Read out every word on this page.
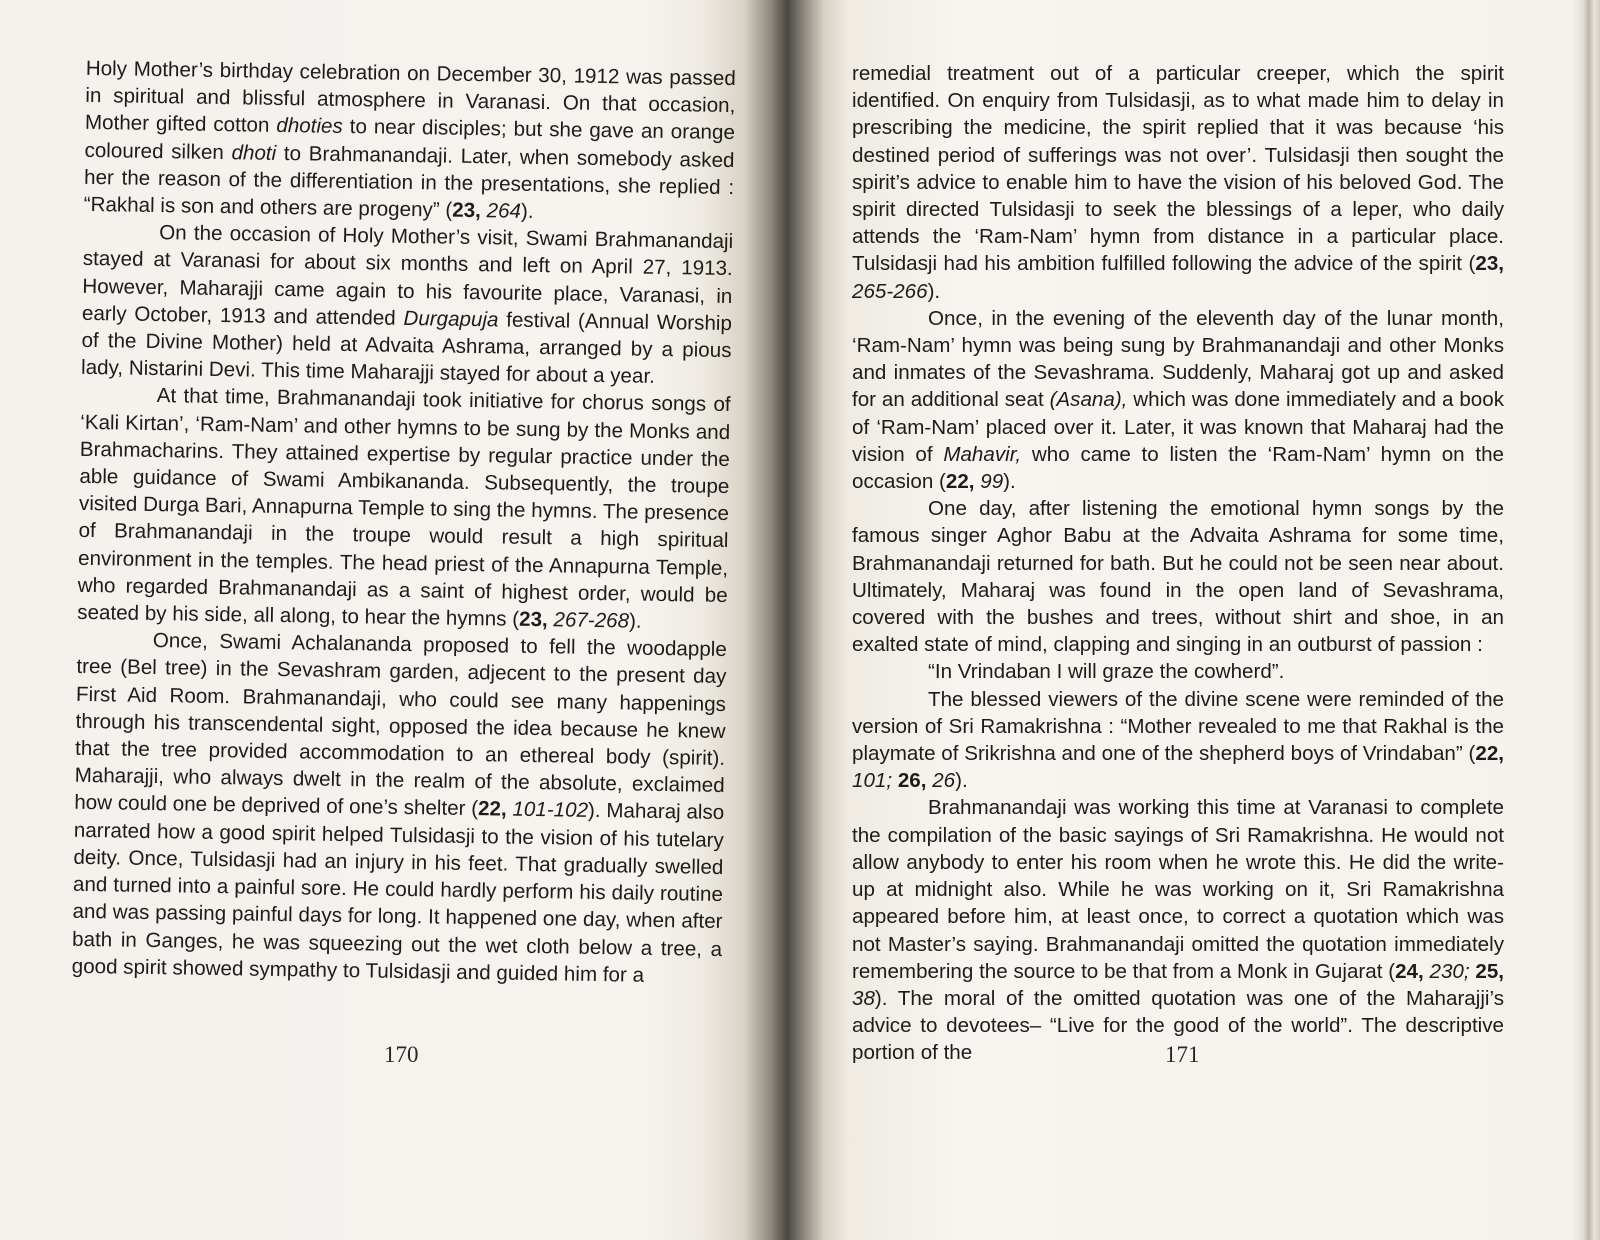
Holy Mother’s birthday celebration on December 30, 1912 was passed in spiritual and blissful atmosphere in Varanasi. On that occasion, Mother gifted cotton dhoties to near disciples; but she gave an orange coloured silken dhoti to Brahmanandaji. Later, when somebody asked her the reason of the differentiation in the presentations, she replied : “Rakhal is son and others are progeny” (23, 264).

On the occasion of Holy Mother’s visit, Swami Brahmanandaji stayed at Varanasi for about six months and left on April 27, 1913. However, Maharajji came again to his favourite place, Varanasi, in early October, 1913 and attended Durgapuja festival (Annual Worship of the Divine Mother) held at Advaita Ashrama, arranged by a pious lady, Nistarini Devi. This time Maharajji stayed for about a year.

At that time, Brahmanandaji took initiative for chorus songs of ‘Kali Kirtan’, ‘Ram-Nam’ and other hymns to be sung by the Monks and Brahmacharins. They attained expertise by regular practice under the able guidance of Swami Ambikananda. Subsequently, the troupe visited Durga Bari, Annapurna Temple to sing the hymns. The presence of Brahmanandaji in the troupe would result a high spiritual environment in the temples. The head priest of the Annapurna Temple, who regarded Brahmanandaji as a saint of highest order, would be seated by his side, all along, to hear the hymns (23, 267-268).

Once, Swami Achalananda proposed to fell the woodapple tree (Bel tree) in the Sevashram garden, adjecent to the present day First Aid Room. Brahmanandaji, who could see many happenings through his transcendental sight, opposed the idea because he knew that the tree provided accommodation to an ethereal body (spirit). Maharajji, who always dwelt in the realm of the absolute, exclaimed how could one be deprived of one’s shelter (22, 101-102). Maharaj also narrated how a good spirit helped Tulsidasji to the vision of his tutelary deity. Once, Tulsidasji had an injury in his feet. That gradually swelled and turned into a painful sore. He could hardly perform his daily routine and was passing painful days for long. It happened one day, when after bath in Ganges, he was squeezing out the wet cloth below a tree, a good spirit showed sympathy to Tulsidasji and guided him for a

170

remedial treatment out of a particular creeper, which the spirit identified. On enquiry from Tulsidasji, as to what made him to delay in prescribing the medicine, the spirit replied that it was because ‘his destined period of sufferings was not over’. Tulsidasji then sought the spirit’s advice to enable him to have the vision of his beloved God. The spirit directed Tulsidasji to seek the blessings of a leper, who daily attends the ‘Ram-Nam’ hymn from distance in a particular place. Tulsidasji had his ambition fulfilled following the advice of the spirit (23, 265-266).

Once, in the evening of the eleventh day of the lunar month, ‘Ram-Nam’ hymn was being sung by Brahmanandaji and other Monks and inmates of the Sevashrama. Suddenly, Maharaj got up and asked for an additional seat (Asana), which was done immediately and a book of ‘Ram-Nam’ placed over it. Later, it was known that Maharaj had the vision of Mahavir, who came to listen the ‘Ram-Nam’ hymn on the occasion (22, 99).

One day, after listening the emotional hymn songs by the famous singer Aghor Babu at the Advaita Ashrama for some time, Brahmanandaji returned for bath. But he could not be seen near about. Ultimately, Maharaj was found in the open land of Sevashrama, covered with the bushes and trees, without shirt and shoe, in an exalted state of mind, clapping and singing in an outburst of passion :

“In Vrindaban I will graze the cowherd”.

The blessed viewers of the divine scene were reminded of the version of Sri Ramakrishna : “Mother revealed to me that Rakhal is the playmate of Srikrishna and one of the shepherd boys of Vrindaban” (22, 101; 26, 26).

Brahmanandaji was working this time at Varanasi to complete the compilation of the basic sayings of Sri Ramakrishna. He would not allow anybody to enter his room when he wrote this. He did the write-up at midnight also. While he was working on it, Sri Ramakrishna appeared before him, at least once, to correct a quotation which was not Master’s saying. Brahmanandaji omitted the quotation immediately remembering the source to be that from a Monk in Gujarat (24, 230; 25, 38). The moral of the omitted quotation was one of the Maharajji’s advice to devotees– “Live for the good of the world”. The descriptive portion of the	171
